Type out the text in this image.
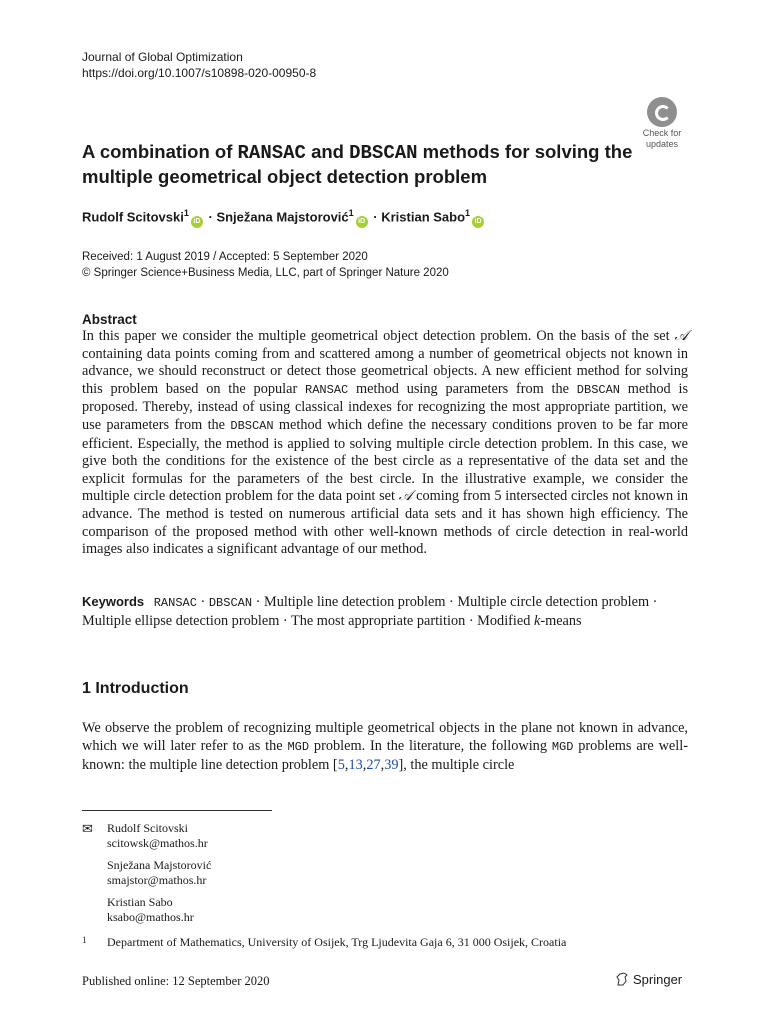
Journal of Global Optimization
https://doi.org/10.1007/s10898-020-00950-8
Check for
updates
A combination of RANSAC and DBSCAN methods for solving the multiple geometrical object detection problem
Rudolf Scitovski$^1$iD · Snježana Majstorović$^1$iD · Kristian Sabo$^1$iD
Received: 1 August 2019 / Accepted: 5 September 2020
© Springer Science+Business Media, LLC, part of Springer Nature 2020
Abstract

In this paper we consider the multiple geometrical object detection problem. On the basis of the set 𝒜 containing data points coming from and scattered among a number of geometrical objects not known in advance, we should reconstruct or detect those geometrical objects. A new efficient method for solving this problem based on the popular RANSAC method using parameters from the DBSCAN method is proposed. Thereby, instead of using classical indexes for recognizing the most appropriate partition, we use parameters from the DBSCAN method which define the necessary conditions proven to be far more efficient. Especially, the method is applied to solving multiple circle detection problem. In this case, we give both the conditions for the existence of the best circle as a representative of the data set and the explicit formulas for the parameters of the best circle. In the illustrative example, we consider the multiple circle detection problem for the data point set 𝒜 coming from 5 intersected circles not known in advance. The method is tested on numerous artificial data sets and it has shown high efficiency. The comparison of the proposed method with other well-known methods of circle detection in real-world images also indicates a significant advantage of our method.

Keywords RANSAC · DBSCAN · Multiple line detection problem · Multiple circle detection problem · Multiple ellipse detection problem · The most appropriate partition · Modified k-means
1 Introduction

We observe the problem of recognizing multiple geometrical objects in the plane not known in advance, which we will later refer to as the MGD problem. In the literature, the following MGD problems are well-known: the multiple line detection problem [5,13,27,39], the multiple circle

✉ Rudolf Scitovski
scitowsk@mathos.hr
Snježana Majstorović
smajstor@mathos.hr
Kristian Sabo
ksabo@mathos.hr
1 Department of Mathematics, University of Osijek, Trg Ljudevita Gaja 6, 31 000 Osijek, Croatia
Published online: 12 September 2020	Springer
